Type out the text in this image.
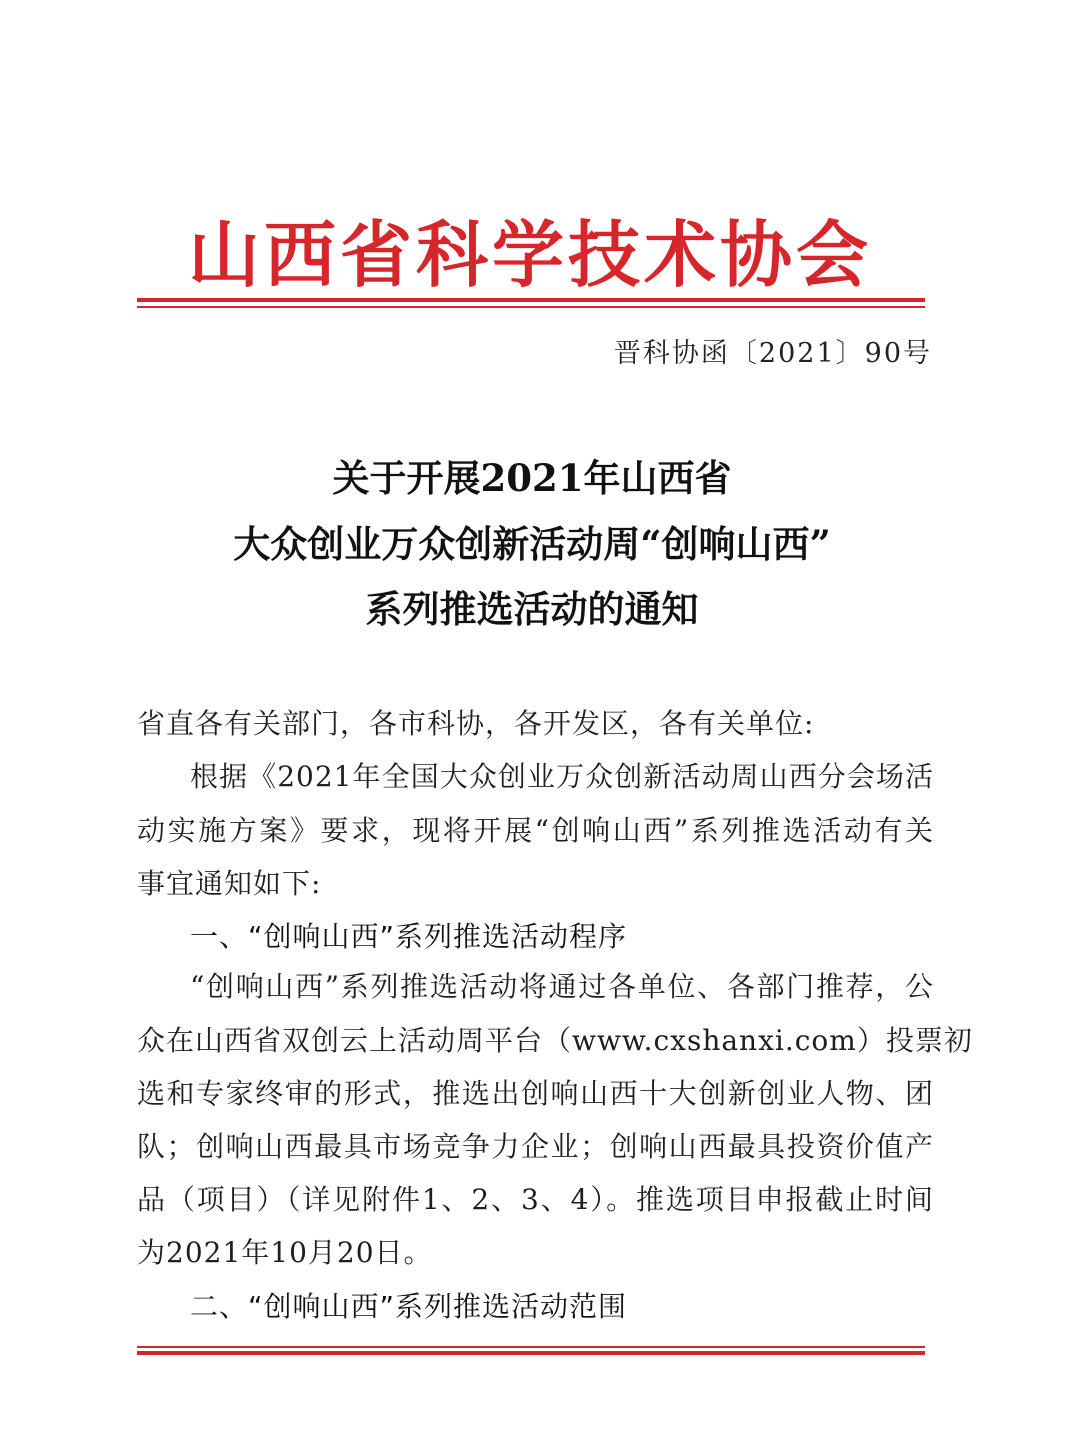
山西省科学技术协会
晋科协函〔2021〕90号
关于开展2021年山西省
大众创业万众创新活动周“创响山西”
系列推选活动的通知
省直各有关部门，各市科协，各开发区，各有关单位:
根据《2021年全国大众创业万众创新活动周山西分会场活
动实施方案》要求，现将开展“创响山西”系列推选活动有关
事宜通知如下:
一、“创响山西”系列推选活动程序
“创响山西”系列推选活动将通过各单位、各部门推荐，公
众在山西省双创云上活动周平台（www.cxshanxi.com）投票初
选和专家终审的形式，推选出创响山西十大创新创业人物、团
队；创响山西最具市场竞争力企业；创响山西最具投资价值产
品（项目）（详见附件1、2、3、4）。推选项目申报截止时间
为2021年10月20日。
二、“创响山西”系列推选活动范围
